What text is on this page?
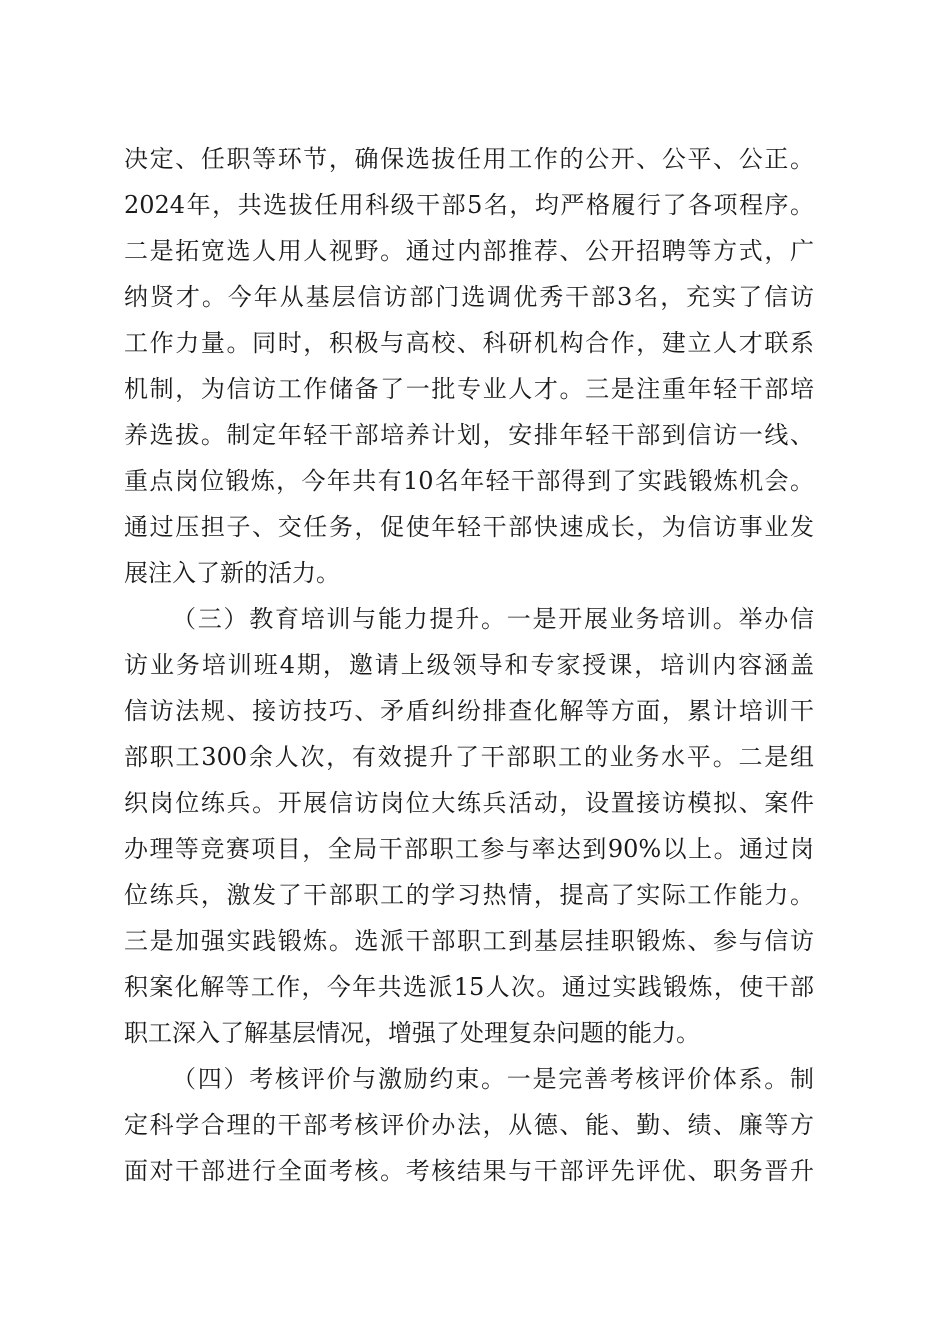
决定、任职等环节，确保选拔任用工作的公开、公平、公正。
2024年，共选拔任用科级干部5名，均严格履行了各项程序。
二是拓宽选人用人视野。通过内部推荐、公开招聘等方式，广
纳贤才。今年从基层信访部门选调优秀干部3名，充实了信访
工作力量。同时，积极与高校、科研机构合作，建立人才联系
机制，为信访工作储备了一批专业人才。三是注重年轻干部培
养选拔。制定年轻干部培养计划，安排年轻干部到信访一线、
重点岗位锻炼，今年共有10名年轻干部得到了实践锻炼机会。
通过压担子、交任务，促使年轻干部快速成长，为信访事业发
展注入了新的活力。
（三）教育培训与能力提升。一是开展业务培训。举办信
访业务培训班4期，邀请上级领导和专家授课，培训内容涵盖
信访法规、接访技巧、矛盾纠纷排查化解等方面，累计培训干
部职工300余人次，有效提升了干部职工的业务水平。二是组
织岗位练兵。开展信访岗位大练兵活动，设置接访模拟、案件
办理等竞赛项目，全局干部职工参与率达到90%以上。通过岗
位练兵，激发了干部职工的学习热情，提高了实际工作能力。
三是加强实践锻炼。选派干部职工到基层挂职锻炼、参与信访
积案化解等工作，今年共选派15人次。通过实践锻炼，使干部
职工深入了解基层情况，增强了处理复杂问题的能力。
（四）考核评价与激励约束。一是完善考核评价体系。制
定科学合理的干部考核评价办法，从德、能、勤、绩、廉等方
面对干部进行全面考核。考核结果与干部评先评优、职务晋升
